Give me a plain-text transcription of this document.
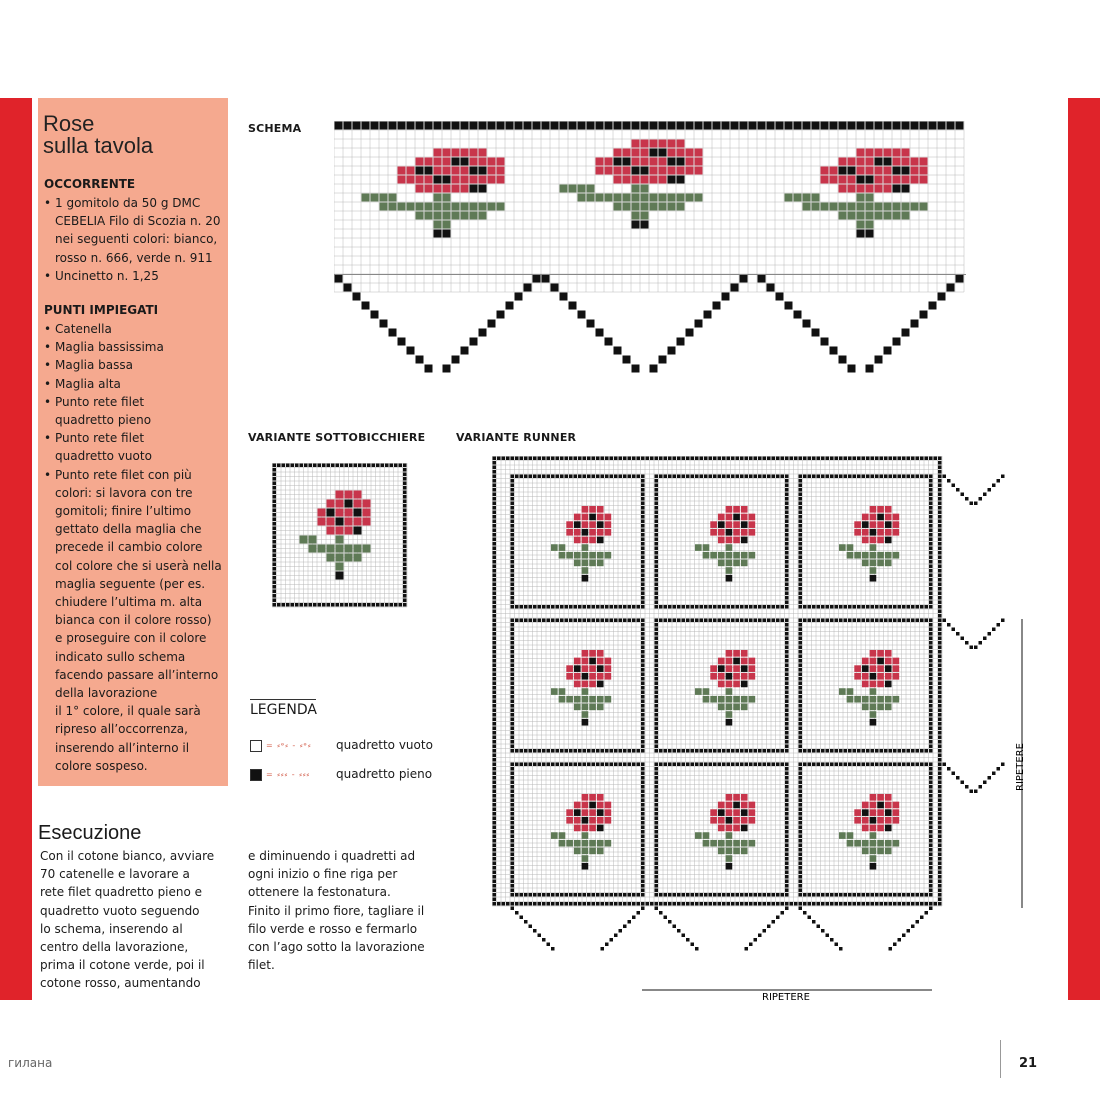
Rose
sulla tavola
OCCORRENTE
• 1 gomitolo da 50 g DMC
CEBELIA Filo di Scozia n. 20
nei seguenti colori: bianco,
rosso n. 666, verde n. 911
• Uncinetto n. 1,25
PUNTI IMPIEGATI
• Catenella
• Maglia bassissima
• Maglia bassa
• Maglia alta
• Punto rete filet
quadretto pieno
• Punto rete filet
quadretto vuoto
• Punto rete filet con più
colori: si lavora con tre
gomitoli; finire l’ultimo
gettato della maglia che
precede il cambio colore
col colore che si userà nella
maglia seguente (per es.
chiudere l’ultima m. alta
bianca con il colore rosso)
e proseguire con il colore
indicato sullo schema
facendo passare all’interno
della lavorazione
il 1° colore, il quale sarà
ripreso all’occorrenza,
inserendo all’interno il
colore sospeso.
SCHEMA
VARIANTE SOTTOBICCHIERE	VARIANTE RUNNER
RIPETERE
RIPETERE
LEGENDA
= ⸗ᶱ⸗ - ⸗ᶱ⸗ quadretto vuoto
= ⸗⸗⸗ - ⸗⸗⸗ quadretto pieno
Esecuzione
Con il cotone bianco, avviare
70 catenelle e lavorare a
rete filet quadretto pieno e
quadretto vuoto seguendo
lo schema, inserendo al
centro della lavorazione,
prima il cotone verde, poi il
cotone rosso, aumentando
e diminuendo i quadretti ad
ogni inizio o fine riga per
ottenere la festonatura.
Finito il primo fiore, tagliare il
filo verde e rosso e fermarlo
con l’ago sotto la lavorazione
filet.
гилана	21
